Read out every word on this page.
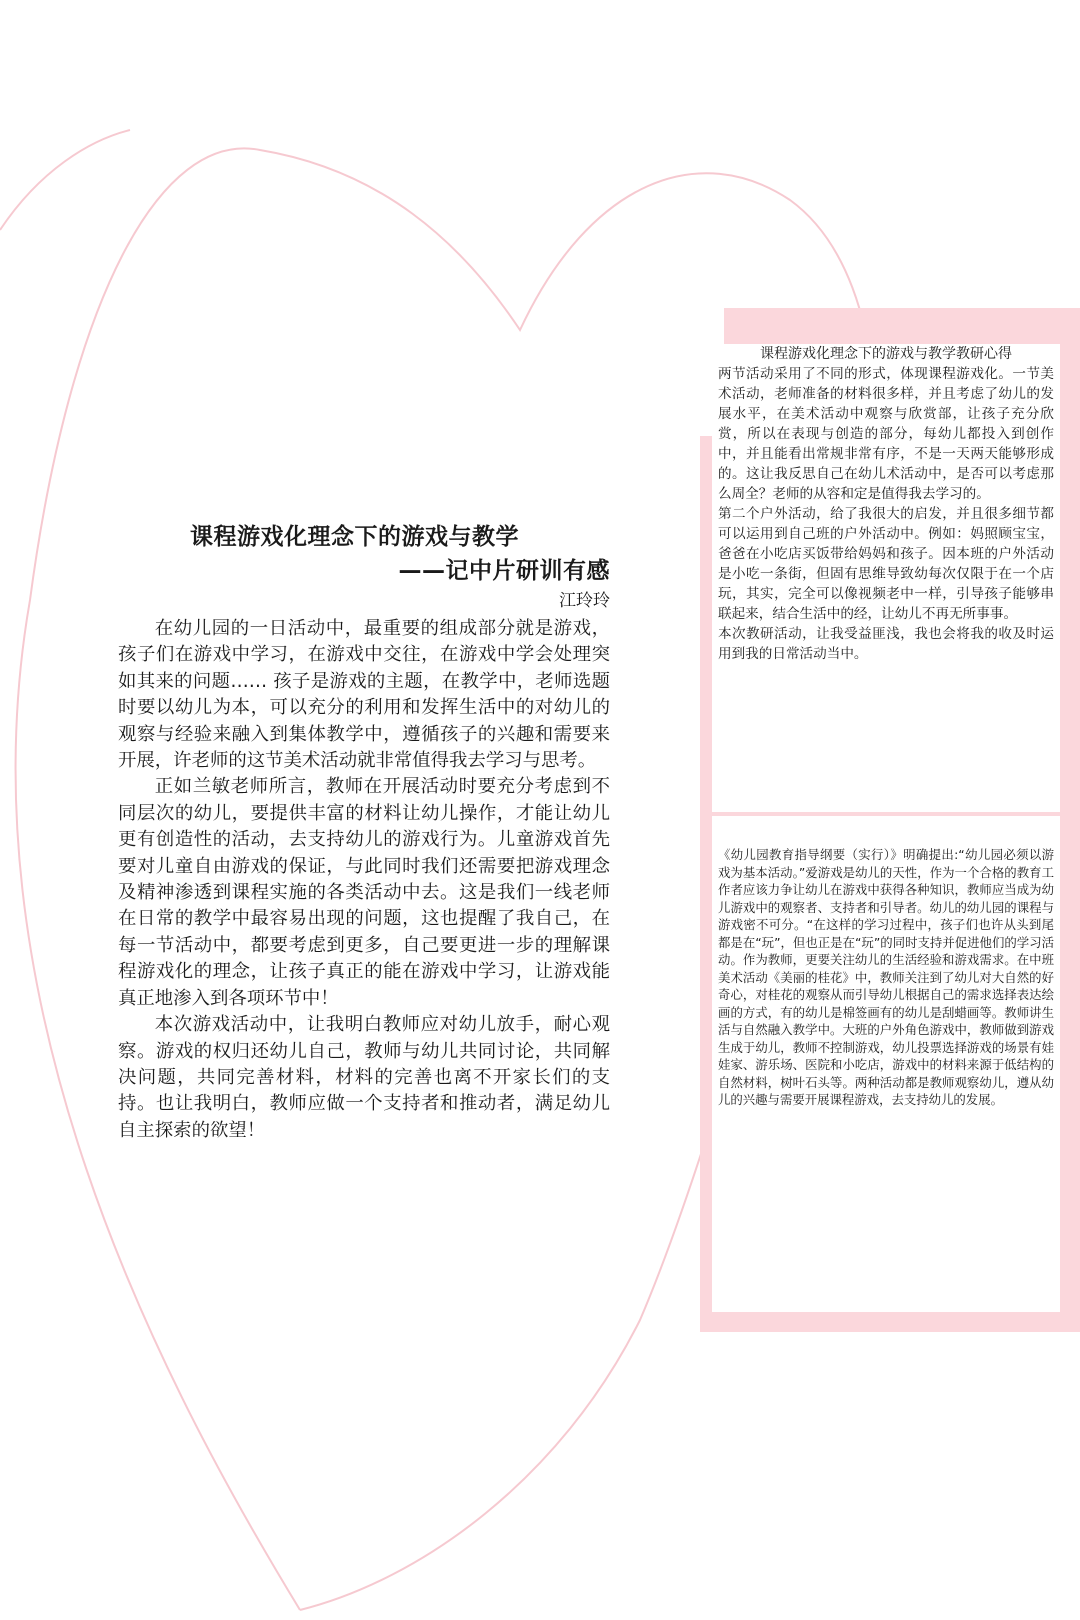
课程游戏化理念下的游戏与教学教研心得

两节活动采用了不同的形式，体现课程游戏化。一节美术活动，老师准备的材料很多样，并且考虑了幼儿的发展水平，在美术活动中观察与欣赏部，让孩子充分欣赏，所以在表现与创造的部分，每幼儿都投入到创作中，并且能看出常规非常有序，不是一天两天能够形成的。这让我反思自己在幼儿术活动中，是否可以考虑那么周全？老师的从容和定是值得我去学习的。

第二个户外活动，给了我很大的启发，并且很多细节都可以运用到自己班的户外活动中。例如：妈照顾宝宝，爸爸在小吃店买饭带给妈妈和孩子。因本班的户外活动是小吃一条街，但固有思维导致幼每次仅限于在一个店玩，其实，完全可以像视频老中一样，引导孩子能够串联起来，结合生活中的经，让幼儿不再无所事事。

本次教研活动，让我受益匪浅，我也会将我的收及时运用到我的日常活动当中。

《幼儿园教育指导纲要（实行）》明确提出:“幼儿园必须以游戏为基本活动。”爱游戏是幼儿的天性，作为一个合格的教育工作者应该力争让幼儿在游戏中获得各种知识，教师应当成为幼儿游戏中的观察者、支持者和引导者。幼儿的幼儿园的课程与游戏密不可分。“在这样的学习过程中，孩子们也许从头到尾都是在“玩”，但也正是在“玩”的同时支持并促进他们的学习活动。作为教师，更要关注幼儿的生活经验和游戏需求。在中班美术活动《美丽的桂花》中，教师关注到了幼儿对大自然的好奇心，对桂花的观察从而引导幼儿根据自己的需求选择表达绘画的方式，有的幼儿是棉签画有的幼儿是刮蜡画等。教师讲生活与自然融入教学中。大班的户外角色游戏中，教师做到游戏生成于幼儿，教师不控制游戏，幼儿投票选择游戏的场景有娃娃家、游乐场、医院和小吃店，游戏中的材料来源于低结构的自然材料，树叶石头等。两种活动都是教师观察幼儿，遵从幼儿的兴趣与需要开展课程游戏，去支持幼儿的发展。

课程游戏化理念下的游戏与教学
——记中片研训有感
江玲玲

在幼儿园的一日活动中，最重要的组成部分就是游戏，孩子们在游戏中学习，在游戏中交往，在游戏中学会处理突如其来的问题…… 孩子是游戏的主题，在教学中，老师选题时要以幼儿为本，可以充分的利用和发挥生活中的对幼儿的观察与经验来融入到集体教学中，遵循孩子的兴趣和需要来开展，许老师的这节美术活动就非常值得我去学习与思考。

正如兰敏老师所言，教师在开展活动时要充分考虑到不同层次的幼儿，要提供丰富的材料让幼儿操作，才能让幼儿更有创造性的活动，去支持幼儿的游戏行为。儿童游戏首先要对儿童自由游戏的保证，与此同时我们还需要把游戏理念及精神渗透到课程实施的各类活动中去。这是我们一线老师在日常的教学中最容易出现的问题，这也提醒了我自己，在每一节活动中，都要考虑到更多，自己要更进一步的理解课程游戏化的理念，让孩子真正的能在游戏中学习，让游戏能真正地渗入到各项环节中！

本次游戏活动中，让我明白教师应对幼儿放手，耐心观察。游戏的权归还幼儿自己，教师与幼儿共同讨论，共同解决问题，共同完善材料，材料的完善也离不开家长们的支持。也让我明白，教师应做一个支持者和推动者，满足幼儿自主探索的欲望！
